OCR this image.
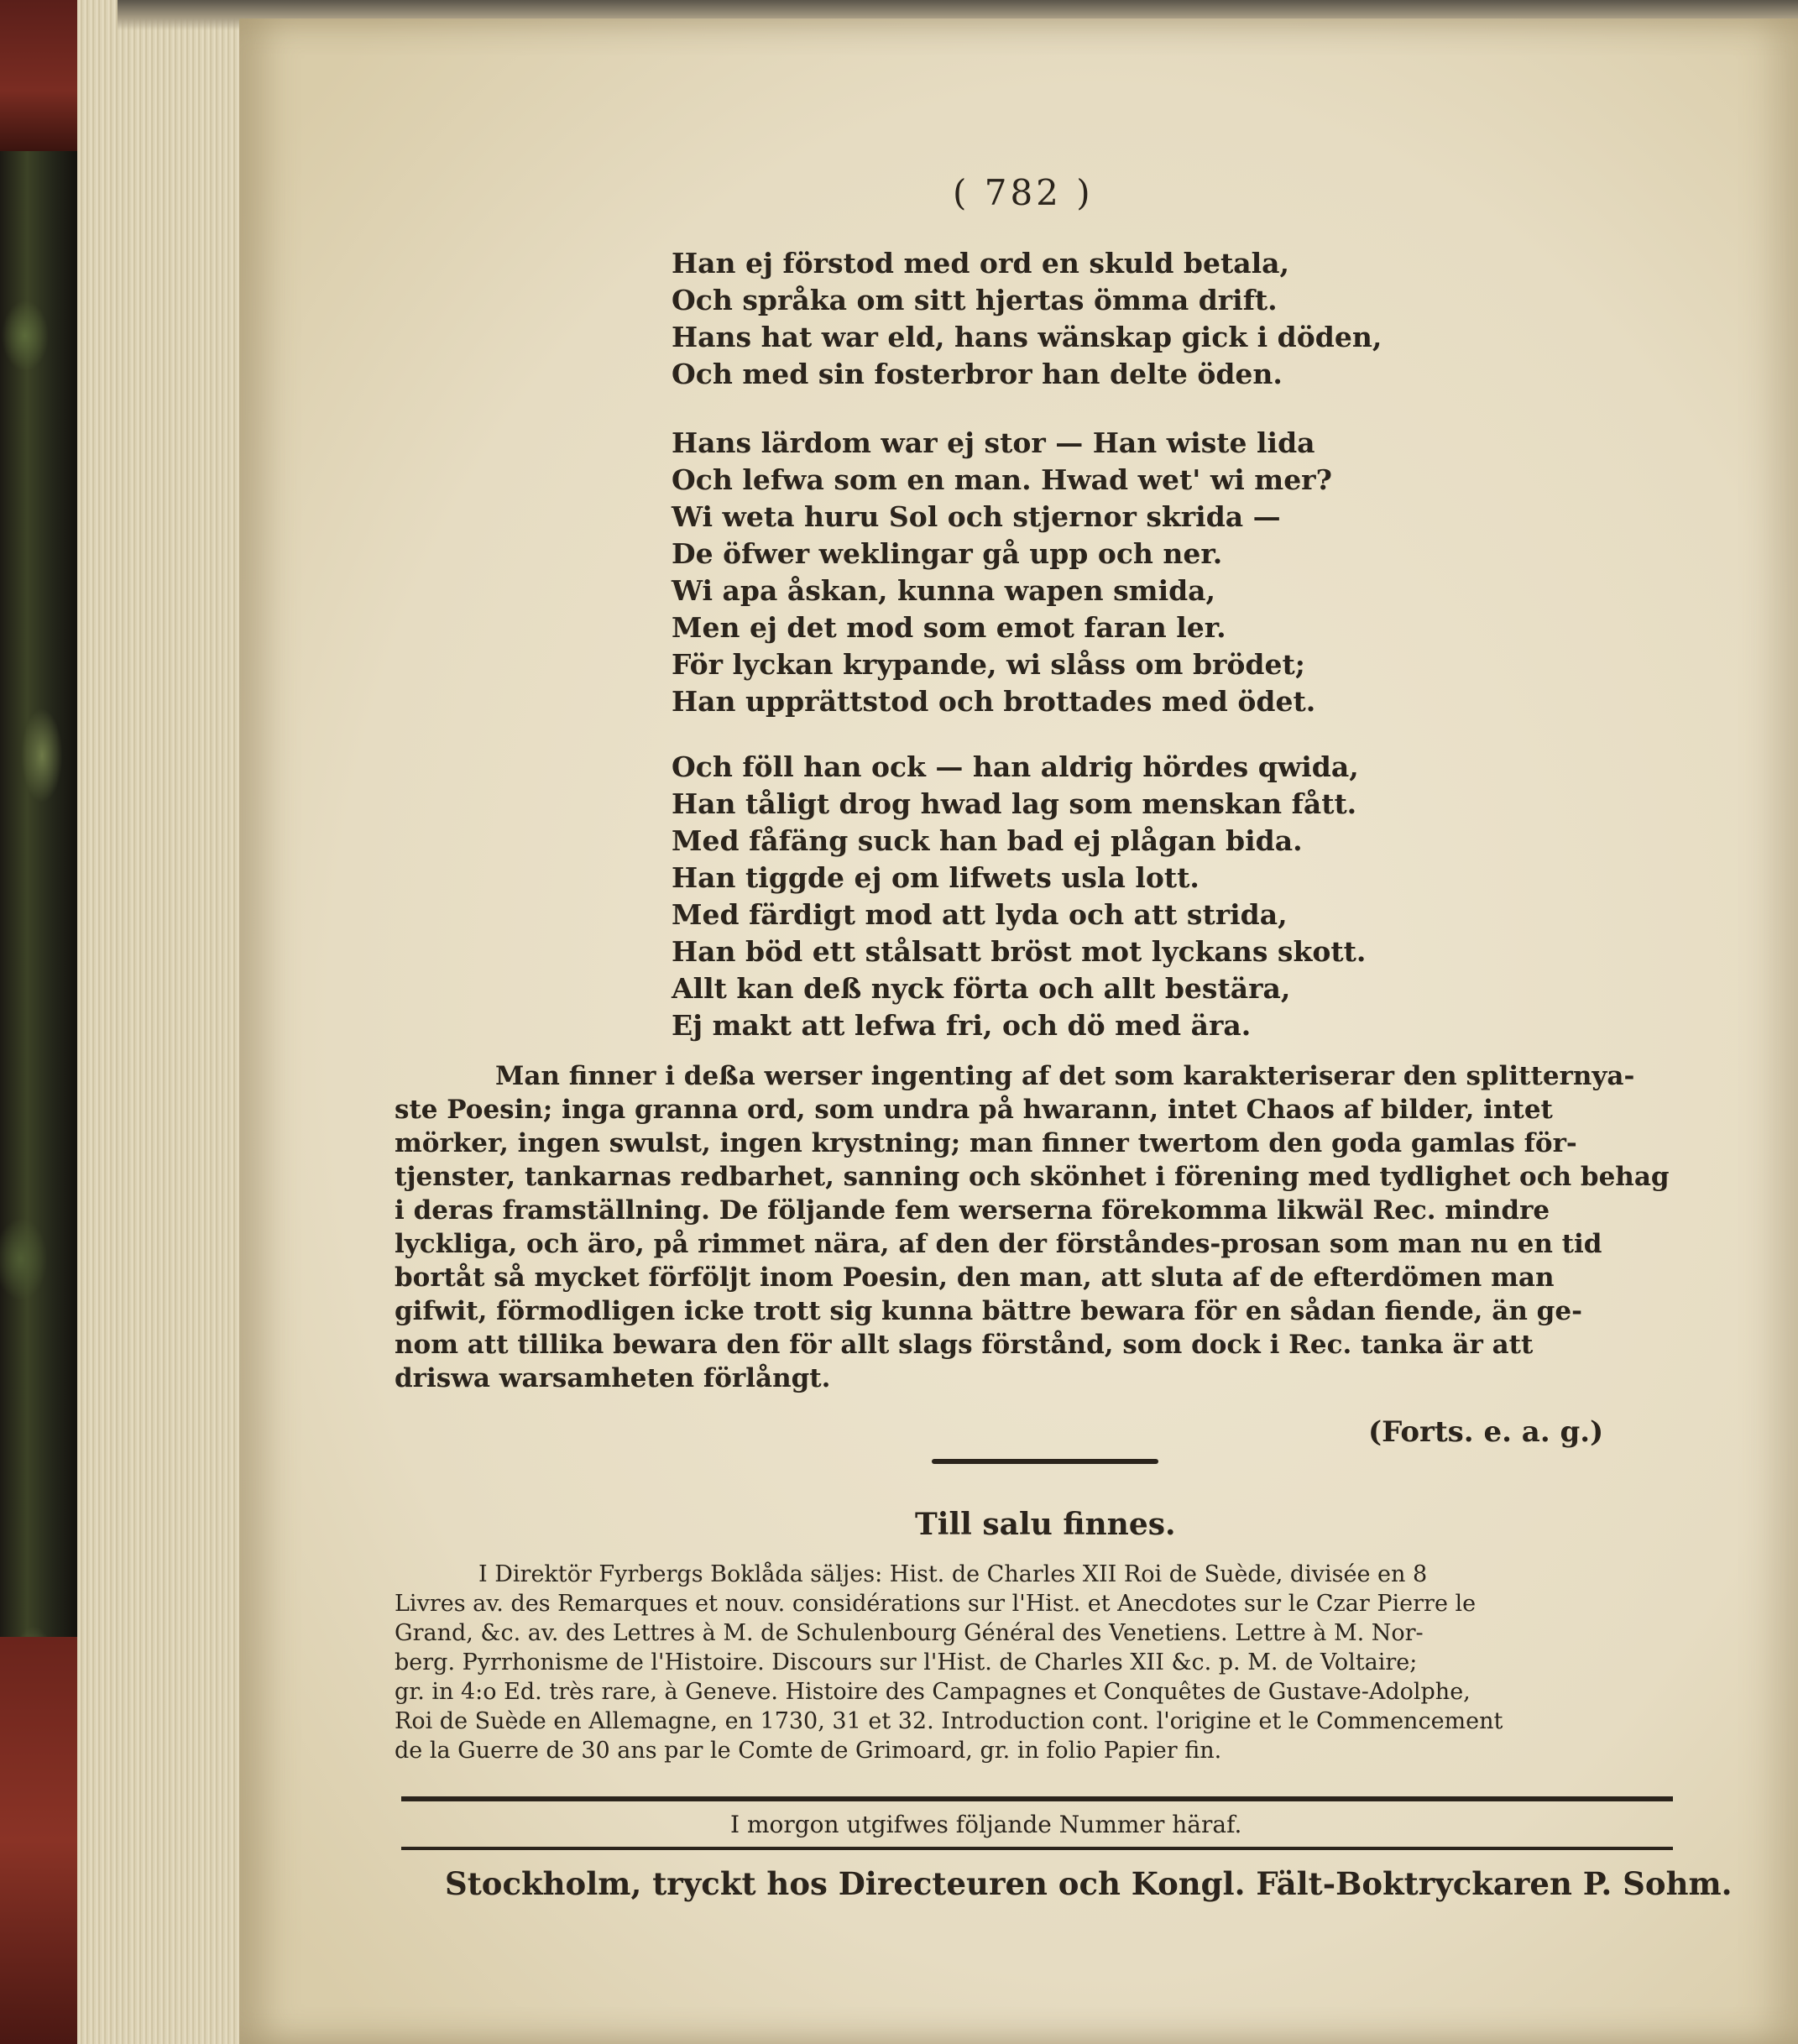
( 782 )
Han ej förstod med ord en skuld betala,
Och språka om sitt hjertas ömma drift.
Hans hat war eld, hans wänskap gick i döden,
Och med sin fosterbror han delte öden.
Hans lärdom war ej stor — Han wiste lida
Och lefwa som en man. Hwad wet' wi mer?
Wi weta huru Sol och stjernor skrida —
De öfwer weklingar gå upp och ner.
Wi apa åskan, kunna wapen smida,
Men ej det mod som emot faran ler.
För lyckan krypande, wi slåss om brödet;
Han upprättstod och brottades med ödet.
Och föll han ock — han aldrig hördes qwida,
Han tåligt drog hwad lag som menskan fått.
Med fåfäng suck han bad ej plågan bida.
Han tiggde ej om lifwets usla lott.
Med färdigt mod att lyda och att strida,
Han böd ett stålsatt bröst mot lyckans skott.
Allt kan deß nyck förta och allt bestära,
Ej makt att lefwa fri, och dö med ära.
Man finner i deßa werser ingenting af det som karakteriserar den splitternya-
ste Poesin; inga granna ord, som undra på hwarann, intet Chaos af bilder, intet
mörker, ingen swulst, ingen krystning; man finner twertom den goda gamlas för-
tjenster, tankarnas redbarhet, sanning och skönhet i förening med tydlighet och behag
i deras framställning. De följande fem werserna förekomma likwäl Rec. mindre
lyckliga, och äro, på rimmet nära, af den der förståndes-prosan som man nu en tid
bortåt så mycket förföljt inom Poesin, den man, att sluta af de efterdömen man
gifwit, förmodligen icke trott sig kunna bättre bewara för en sådan fiende, än ge-
nom att tillika bewara den för allt slags förstånd, som dock i Rec. tanka är att
driswa warsamheten förlångt.
(Forts. e. a. g.)
Till salu finnes.
I Direktör Fyrbergs Boklåda säljes: Hist. de Charles XII Roi de Suède, divisée en 8
Livres av. des Remarques et nouv. considérations sur l'Hist. et Anecdotes sur le Czar Pierre le
Grand, &c. av. des Lettres à M. de Schulenbourg Général des Venetiens. Lettre à M. Nor-
berg. Pyrrhonisme de l'Histoire. Discours sur l'Hist. de Charles XII &c. p. M. de Voltaire;
gr. in 4:o Ed. très rare, à Geneve. Histoire des Campagnes et Conquêtes de Gustave-Adolphe,
Roi de Suède en Allemagne, en 1730, 31 et 32. Introduction cont. l'origine et le Commencement
de la Guerre de 30 ans par le Comte de Grimoard, gr. in folio Papier fin.
I morgon utgifwes följande Nummer häraf.
Stockholm, tryckt hos Directeuren och Kongl. Fält-Boktryckaren P. Sohm.
